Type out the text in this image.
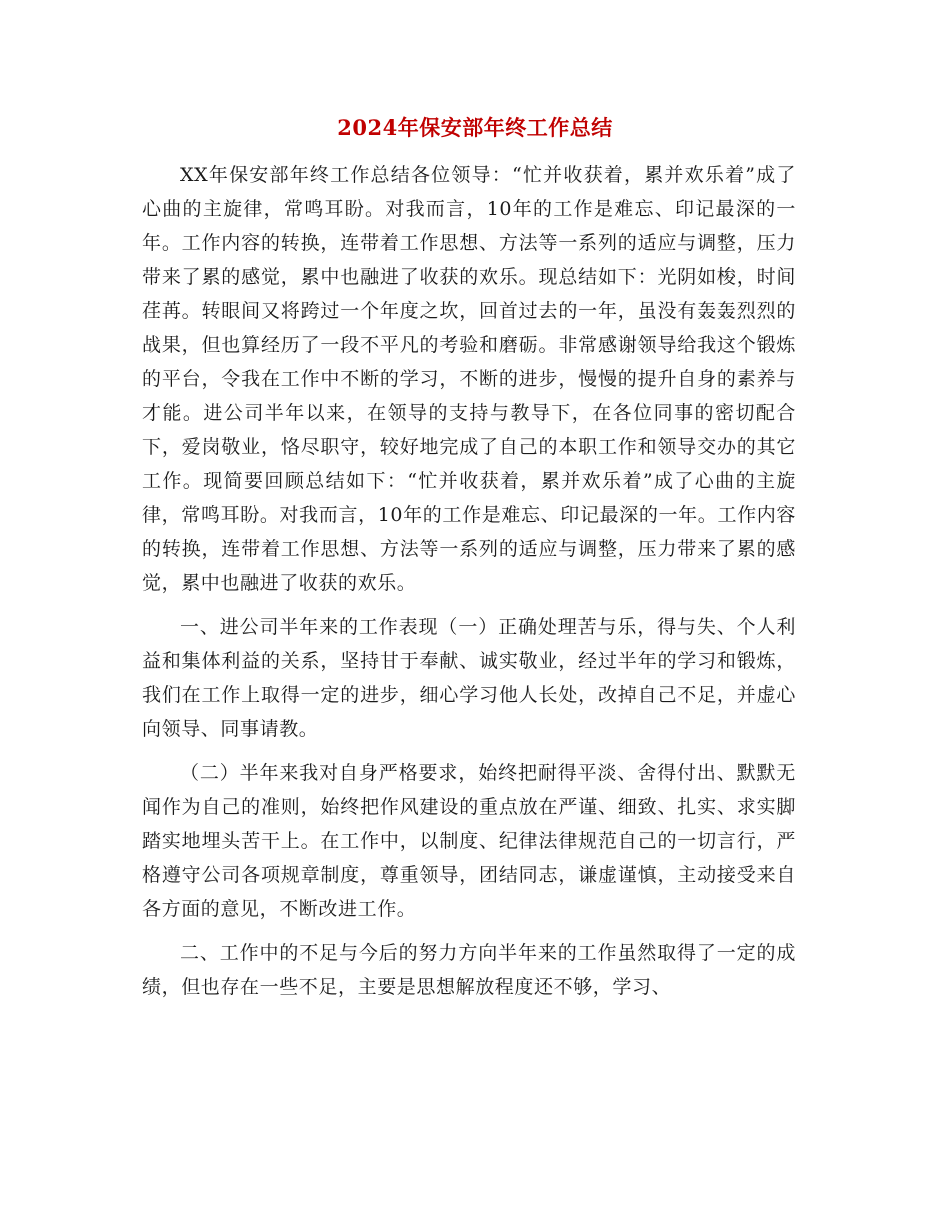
2024年保安部年终工作总结

XX年保安部年终工作总结各位领导：“忙并收获着，累并欢乐着”成了心曲的主旋律，常鸣耳盼。对我而言，10年的工作是难忘、印记最深的一年。工作内容的转换，连带着工作思想、方法等一系列的适应与调整，压力带来了累的感觉，累中也融进了收获的欢乐。现总结如下：光阴如梭，时间荏苒。转眼间又将跨过一个年度之坎，回首过去的一年，虽没有轰轰烈烈的战果，但也算经历了一段不平凡的考验和磨砺。非常感谢领导给我这个锻炼的平台，令我在工作中不断的学习，不断的进步，慢慢的提升自身的素养与才能。进公司半年以来，在领导的支持与教导下，在各位同事的密切配合下，爱岗敬业，恪尽职守，较好地完成了自己的本职工作和领导交办的其它工作。现简要回顾总结如下：“忙并收获着，累并欢乐着”成了心曲的主旋律，常鸣耳盼。对我而言，10年的工作是难忘、印记最深的一年。工作内容的转换，连带着工作思想、方法等一系列的适应与调整，压力带来了累的感觉，累中也融进了收获的欢乐。

一、进公司半年来的工作表现（一）正确处理苦与乐，得与失、个人利益和集体利益的关系，坚持甘于奉献、诚实敬业，经过半年的学习和锻炼，我们在工作上取得一定的进步，细心学习他人长处，改掉自己不足，并虚心向领导、同事请教。

（二）半年来我对自身严格要求，始终把耐得平淡、舍得付出、默默无闻作为自己的准则，始终把作风建设的重点放在严谨、细致、扎实、求实脚踏实地埋头苦干上。在工作中，以制度、纪律法律规范自己的一切言行，严格遵守公司各项规章制度，尊重领导，团结同志，谦虚谨慎，主动接受来自各方面的意见，不断改进工作。

二、工作中的不足与今后的努力方向半年来的工作虽然取得了一定的成绩，但也存在一些不足，主要是思想解放程度还不够，学习、
